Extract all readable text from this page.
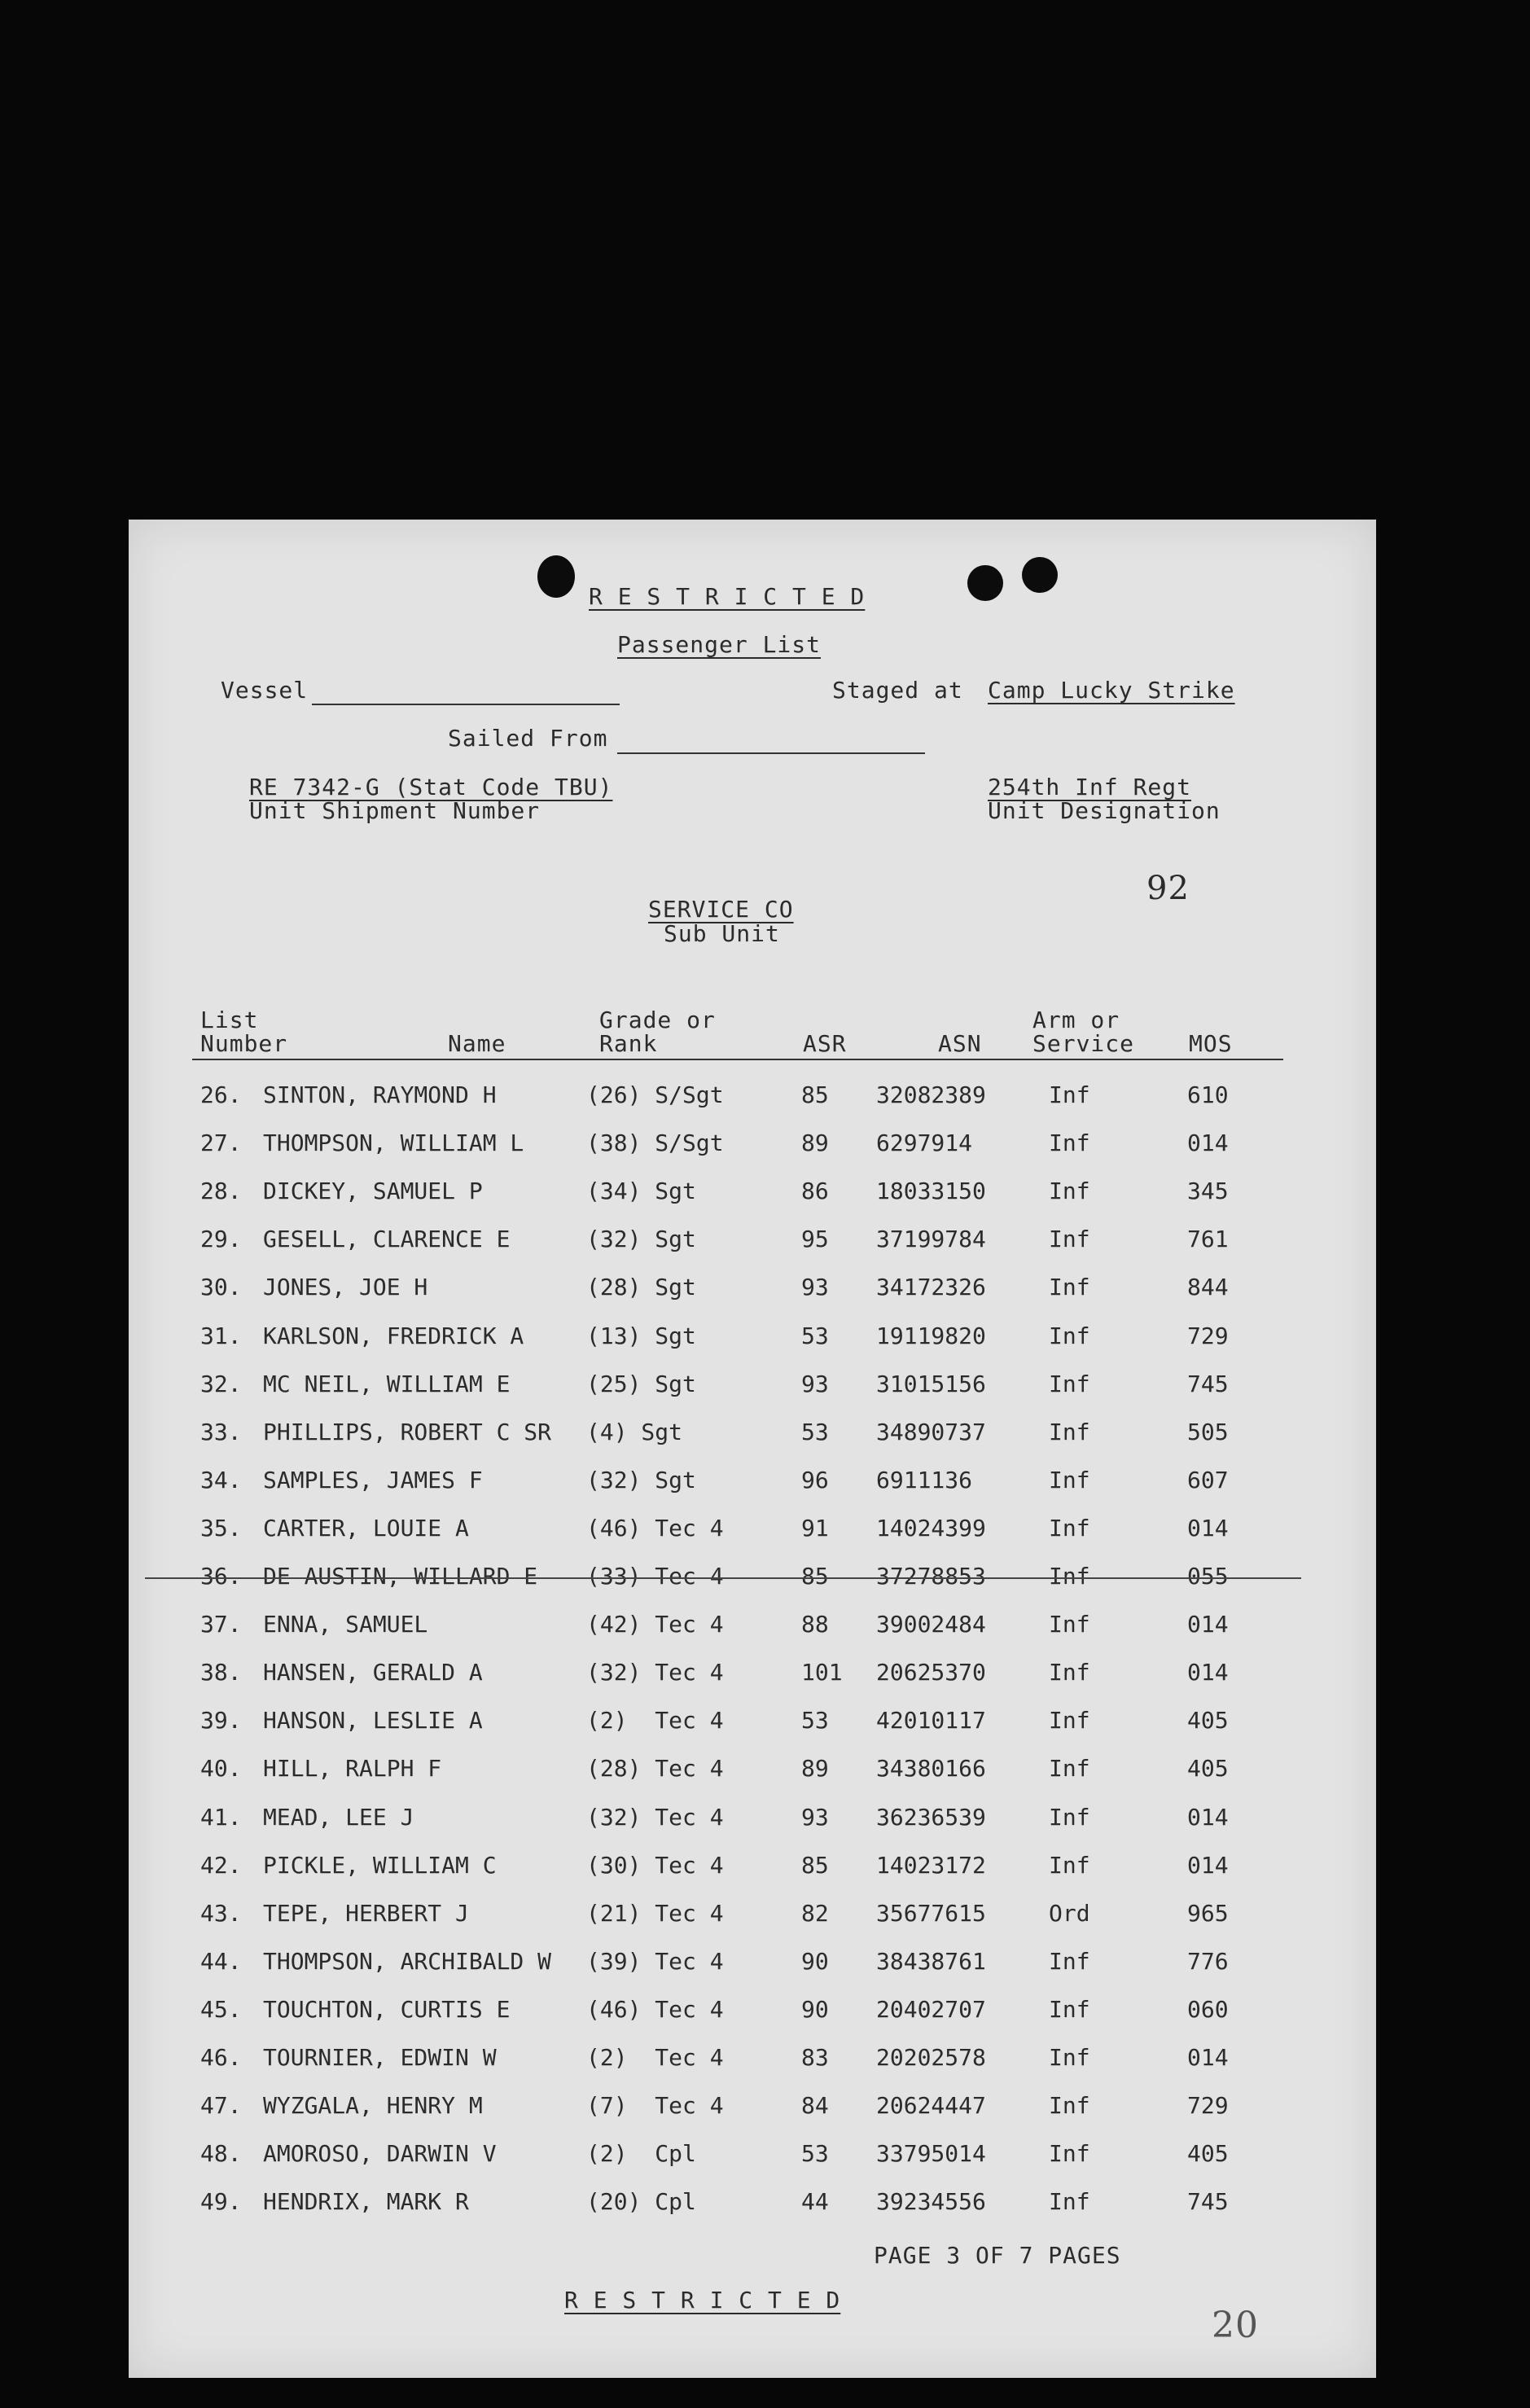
R E S T R I C T E D
Passenger List
Vessel	Staged at Camp Lucky Strike
Sailed From
RE 7342-G (Stat Code TBU)
Unit Shipment Number
254th Inf Regt
Unit Designation
92
SERVICE CO
Sub Unit
List
Number	Name
Grade or
Rank	ASR	ASN
Arm or
Service MOS
26. SINTON, RAYMOND H	(26) S/Sgt	85 32082389	Inf	610
27. THOMPSON, WILLIAM L	(38) S/Sgt	89 6297914	Inf	014
28. DICKEY, SAMUEL P	(34) Sgt	86 18033150	Inf	345
29. GESELL, CLARENCE E	(32) Sgt	95 37199784	Inf	761
30. JONES, JOE H	(28) Sgt	93 34172326	Inf	844
31. KARLSON, FREDRICK A	(13) Sgt	53 19119820	Inf	729
32. MC NEIL, WILLIAM E	(25) Sgt	93 31015156	Inf	745
33. PHILLIPS, ROBERT C SR (4) Sgt	53 34890737	Inf	505
34. SAMPLES, JAMES F	(32) Sgt	96 6911136	Inf	607
35. CARTER, LOUIE A	(46) Tec 4	91 14024399	Inf	014
36. DE AUSTIN, WILLARD E (33) Tec 4	85 37278853	Inf	055
37. ENNA, SAMUEL	(42) Tec 4	88 39002484	Inf	014
38. HANSEN, GERALD A	(32) Tec 4	101 20625370	Inf	014
39. HANSON, LESLIE A	(2)  Tec 4	53 42010117	Inf	405
40. HILL, RALPH F	(28) Tec 4	89 34380166	Inf	405
41. MEAD, LEE J	(32) Tec 4	93 36236539	Inf	014
42. PICKLE, WILLIAM C	(30) Tec 4	85 14023172	Inf	014
43. TEPE, HERBERT J	(21) Tec 4	82 35677615	Ord	965
44. THOMPSON, ARCHIBALD W (39) Tec 4	90 38438761	Inf	776
45. TOUCHTON, CURTIS E	(46) Tec 4	90 20402707	Inf	060
46. TOURNIER, EDWIN W	(2)  Tec 4	83 20202578	Inf	014
47. WYZGALA, HENRY M	(7)  Tec 4	84 20624447	Inf	729
48. AMOROSO, DARWIN V	(2)  Cpl	53 33795014	Inf	405
49. HENDRIX, MARK R	(20) Cpl	44 39234556	Inf	745
PAGE 3 OF 7 PAGES
R E S T R I C T E D
20
